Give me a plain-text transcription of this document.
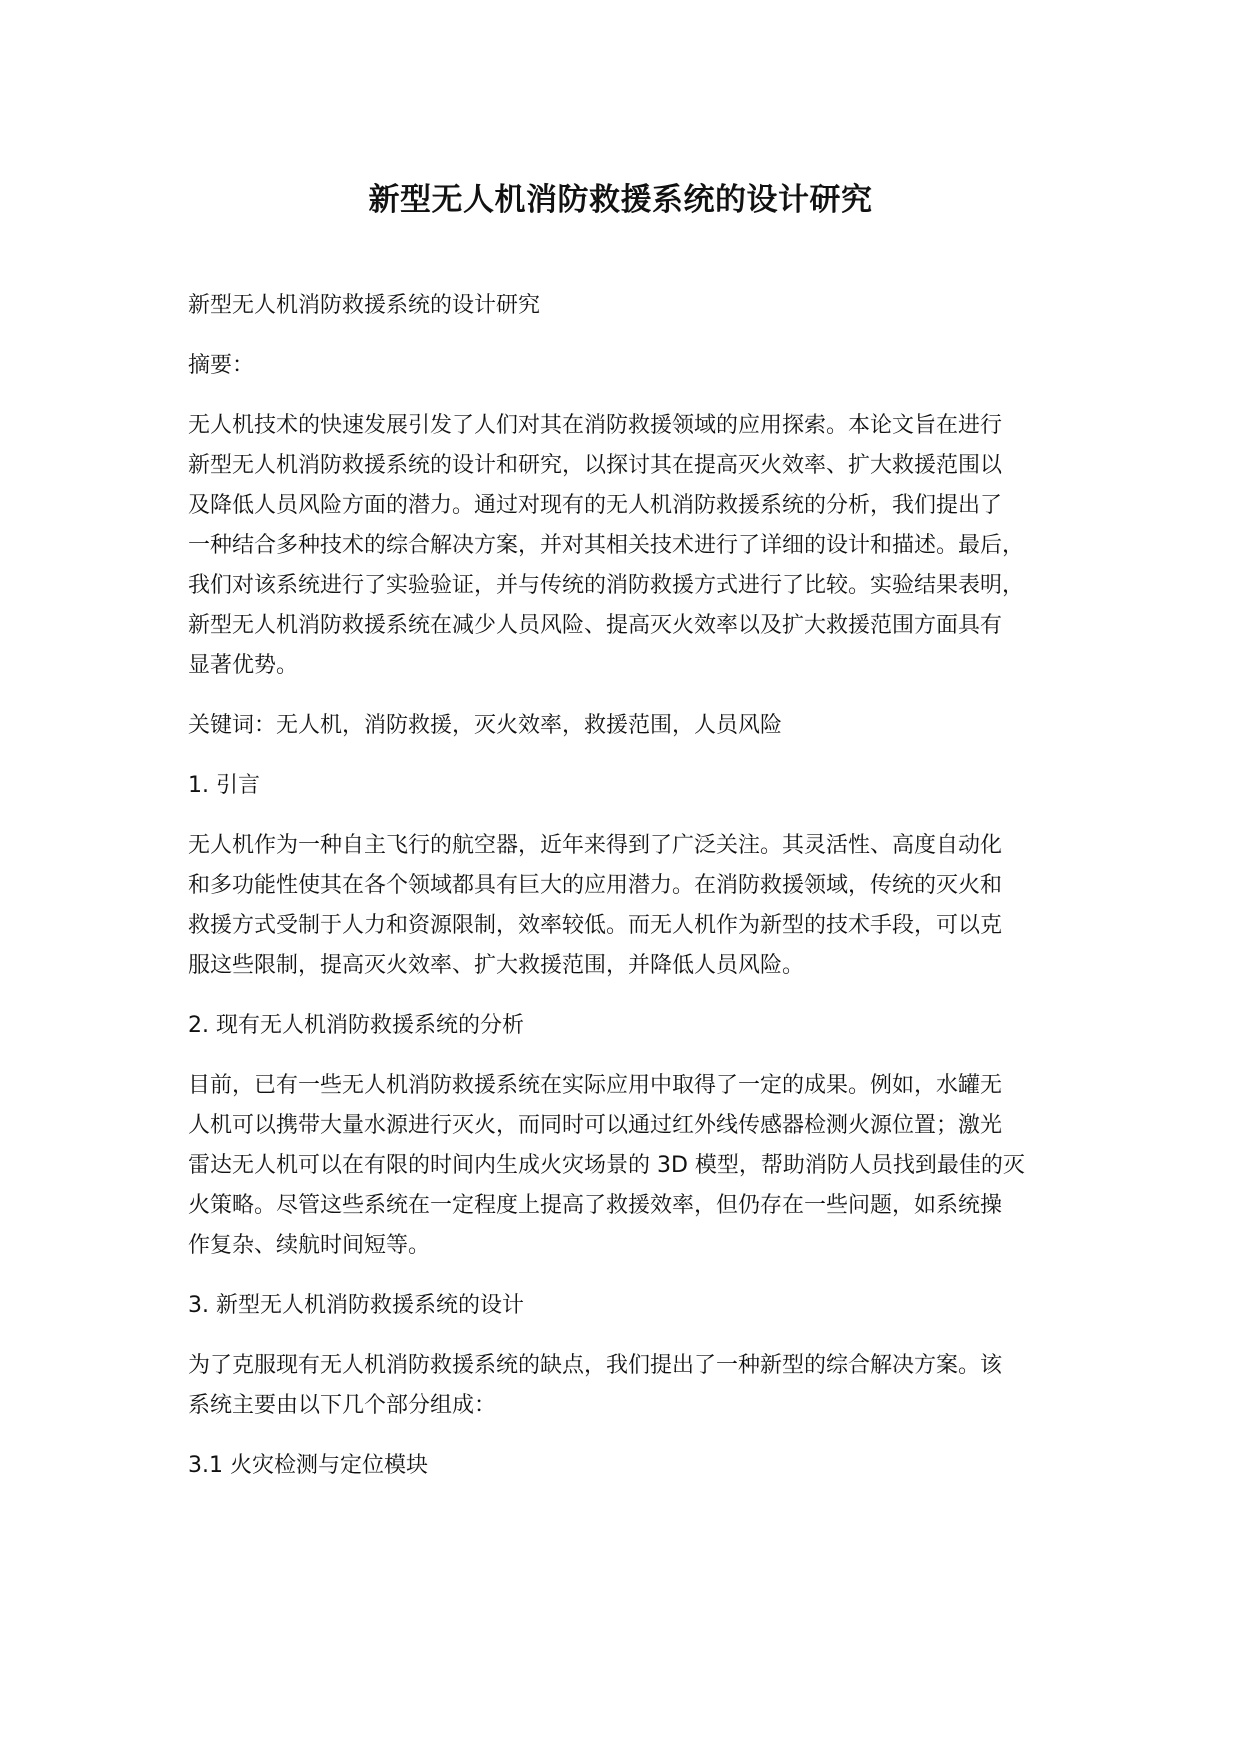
新型无人机消防救援系统的设计研究
新型无人机消防救援系统的设计研究
摘要：
无人机技术的快速发展引发了人们对其在消防救援领域的应用探索。本论文旨在进行
新型无人机消防救援系统的设计和研究，以探讨其在提高灭火效率、扩大救援范围以
及降低人员风险方面的潜力。通过对现有的无人机消防救援系统的分析，我们提出了
一种结合多种技术的综合解决方案，并对其相关技术进行了详细的设计和描述。最后，
我们对该系统进行了实验验证，并与传统的消防救援方式进行了比较。实验结果表明，
新型无人机消防救援系统在减少人员风险、提高灭火效率以及扩大救援范围方面具有
显著优势。
关键词：无人机，消防救援，灭火效率，救援范围，人员风险
1. 引言
无人机作为一种自主飞行的航空器，近年来得到了广泛关注。其灵活性、高度自动化
和多功能性使其在各个领域都具有巨大的应用潜力。在消防救援领域，传统的灭火和
救援方式受制于人力和资源限制，效率较低。而无人机作为新型的技术手段，可以克
服这些限制，提高灭火效率、扩大救援范围，并降低人员风险。
2. 现有无人机消防救援系统的分析
目前，已有一些无人机消防救援系统在实际应用中取得了一定的成果。例如，水罐无
人机可以携带大量水源进行灭火，而同时可以通过红外线传感器检测火源位置；激光
雷达无人机可以在有限的时间内生成火灾场景的 3D 模型，帮助消防人员找到最佳的灭
火策略。尽管这些系统在一定程度上提高了救援效率，但仍存在一些问题，如系统操
作复杂、续航时间短等。
3. 新型无人机消防救援系统的设计
为了克服现有无人机消防救援系统的缺点，我们提出了一种新型的综合解决方案。该
系统主要由以下几个部分组成：
3.1 火灾检测与定位模块
